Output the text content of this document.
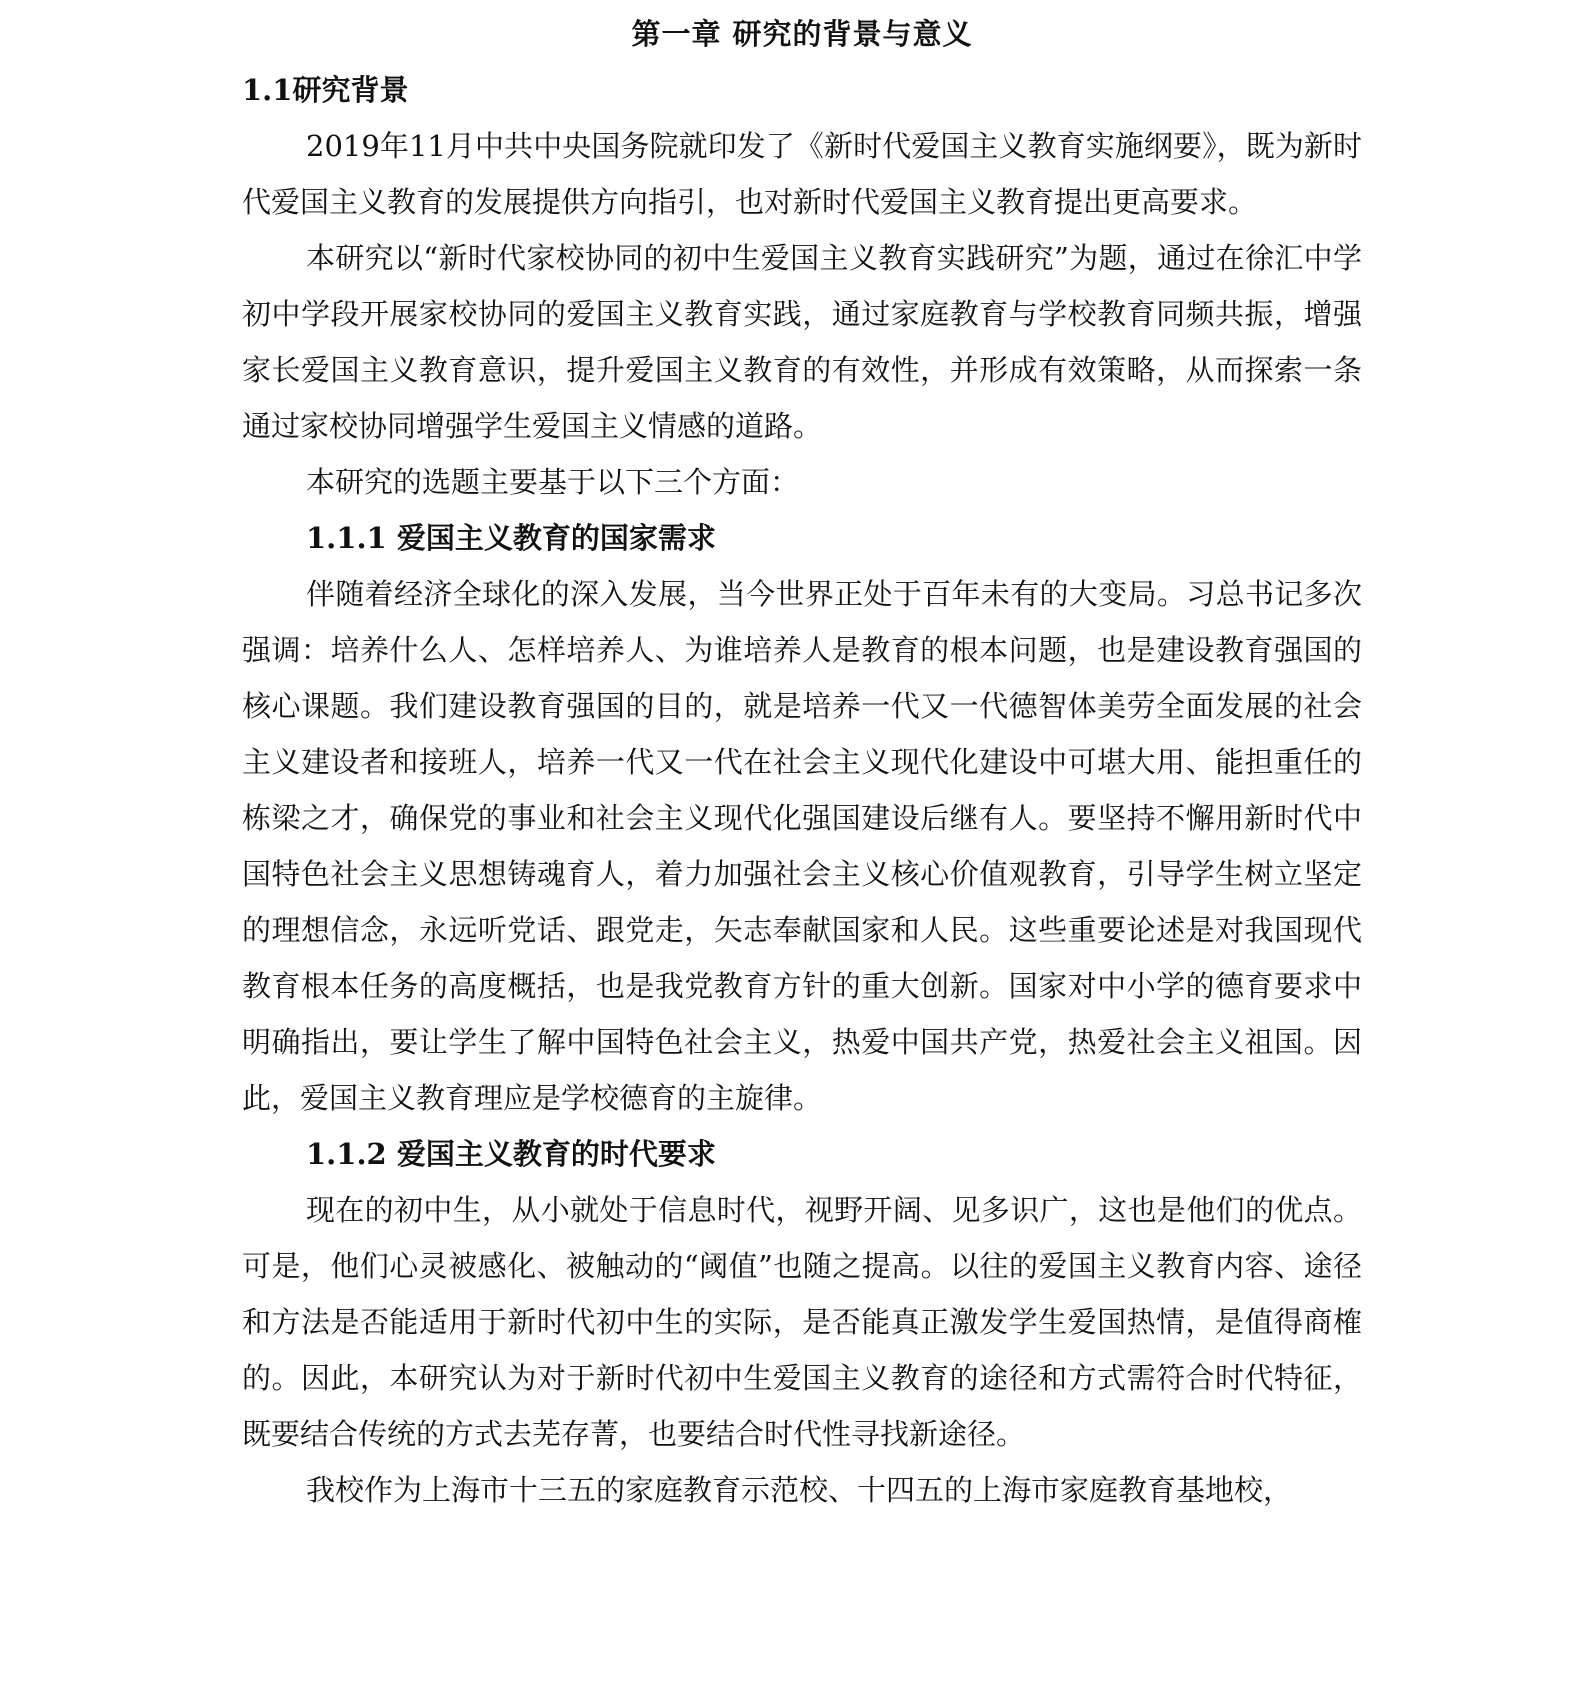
第一章 研究的背景与意义
1.1研究背景

2019年11月中共中央国务院就印发了《新时代爱国主义教育实施纲要》，既为新时代爱国主义教育的发展提供方向指引，也对新时代爱国主义教育提出更高要求。

本研究以“新时代家校协同的初中生爱国主义教育实践研究”为题，通过在徐汇中学初中学段开展家校协同的爱国主义教育实践，通过家庭教育与学校教育同频共振，增强家长爱国主义教育意识，提升爱国主义教育的有效性，并形成有效策略，从而探索一条通过家校协同增强学生爱国主义情感的道路。

本研究的选题主要基于以下三个方面：

1.1.1 爱国主义教育的国家需求

伴随着经济全球化的深入发展，当今世界正处于百年未有的大变局。习总书记多次强调：培养什么人、怎样培养人、为谁培养人是教育的根本问题，也是建设教育强国的核心课题。我们建设教育强国的目的，就是培养一代又一代德智体美劳全面发展的社会主义建设者和接班人，培养一代又一代在社会主义现代化建设中可堪大用、能担重任的栋梁之才，确保党的事业和社会主义现代化强国建设后继有人。要坚持不懈用新时代中国特色社会主义思想铸魂育人，着力加强社会主义核心价值观教育，引导学生树立坚定的理想信念，永远听党话、跟党走，矢志奉献国家和人民。这些重要论述是对我国现代教育根本任务的高度概括，也是我党教育方针的重大创新。国家对中小学的德育要求中明确指出，要让学生了解中国特色社会主义，热爱中国共产党，热爱社会主义祖国。因此，爱国主义教育理应是学校德育的主旋律。

1.1.2 爱国主义教育的时代要求

现在的初中生，从小就处于信息时代，视野开阔、见多识广，这也是他们的优点。可是，他们心灵被感化、被触动的“阈值”也随之提高。以往的爱国主义教育内容、途径和方法是否能适用于新时代初中生的实际，是否能真正激发学生爱国热情，是值得商榷的。因此，本研究认为对于新时代初中生爱国主义教育的途径和方式需符合时代特征，既要结合传统的方式去芜存菁，也要结合时代性寻找新途径。

我校作为上海市十三五的家庭教育示范校、十四五的上海市家庭教育基地校，
